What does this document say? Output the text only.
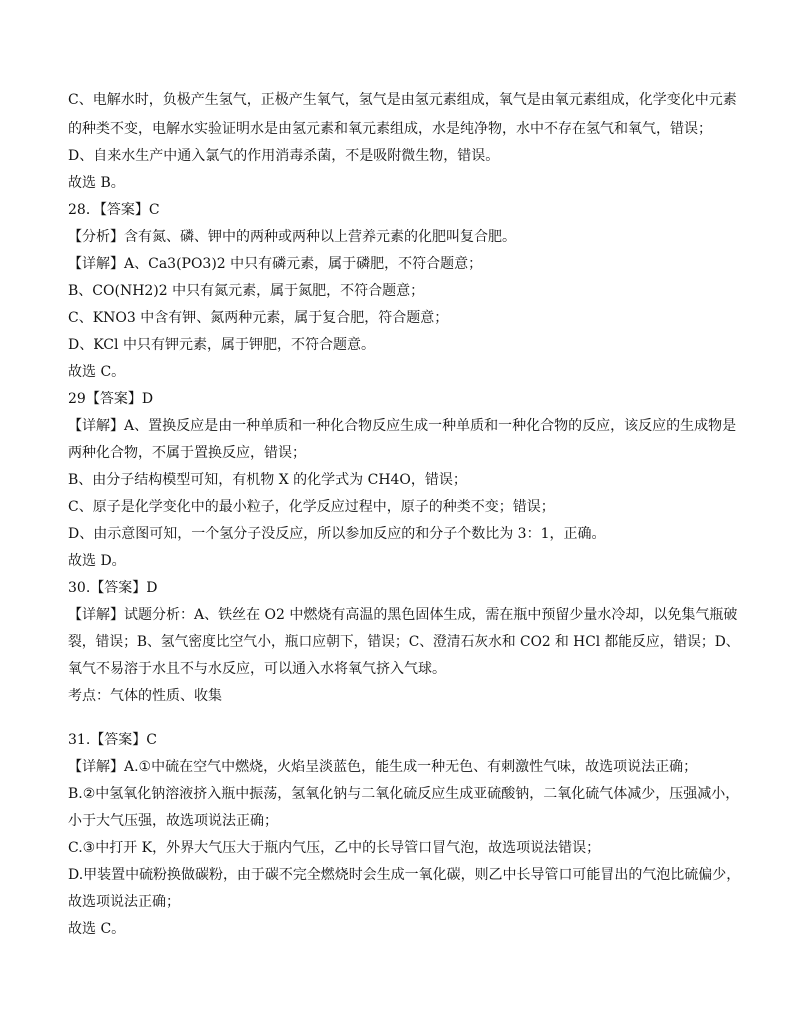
C、电解水时，负极产生氢气，正极产生氧气，氢气是由氢元素组成，氧气是由氧元素组成，化学变化中元素
的种类不变，电解水实验证明水是由氢元素和氧元素组成，水是纯净物，水中不存在氢气和氧气，错误；
D、自来水生产中通入氯气的作用消毒杀菌，不是吸附微生物，错误。
故选 B。
28．【答案】C
【分析】含有氮、磷、钾中的两种或两种以上营养元素的化肥叫复合肥。
【详解】A、Ca3(PO3)2 中只有磷元素，属于磷肥，不符合题意；
B、CO(NH2)2 中只有氮元素，属于氮肥，不符合题意；
C、KNO3 中含有钾、氮两种元素，属于复合肥，符合题意；
D、KCl 中只有钾元素，属于钾肥，不符合题意。
故选 C。
29【答案】D
【详解】A、置换反应是由一种单质和一种化合物反应生成一种单质和一种化合物的反应，该反应的生成物是
两种化合物，不属于置换反应，错误；
B、由分子结构模型可知，有机物 X 的化学式为 CH4O，错误；
C、原子是化学变化中的最小粒子，化学反应过程中，原子的种类不变；错误；
D、由示意图可知，一个氢分子没反应，所以参加反应的和分子个数比为 3：1，正确。
故选 D。
30.【答案】D
【详解】试题分析：A、铁丝在 O2 中燃烧有高温的黑色固体生成，需在瓶中预留少量水冷却，以免集气瓶破
裂，错误；B、氢气密度比空气小，瓶口应朝下，错误；C、澄清石灰水和 CO2 和 HCl 都能反应，错误；D、
氧气不易溶于水且不与水反应，可以通入水将氧气挤入气球。
考点：气体的性质、收集
31.【答案】C
【详解】A.①中硫在空气中燃烧，火焰呈淡蓝色，能生成一种无色、有刺激性气味，故选项说法正确；
B.②中氢氧化钠溶液挤入瓶中振荡，氢氧化钠与二氧化硫反应生成亚硫酸钠，二氧化硫气体减少，压强减小，
小于大气压强，故选项说法正确；
C.③中打开 K，外界大气压大于瓶内气压，乙中的长导管口冒气泡，故选项说法错误；
D.甲装置中硫粉换做碳粉，由于碳不完全燃烧时会生成一氧化碳，则乙中长导管口可能冒出的气泡比硫偏少，
故选项说法正确；
故选 C。
